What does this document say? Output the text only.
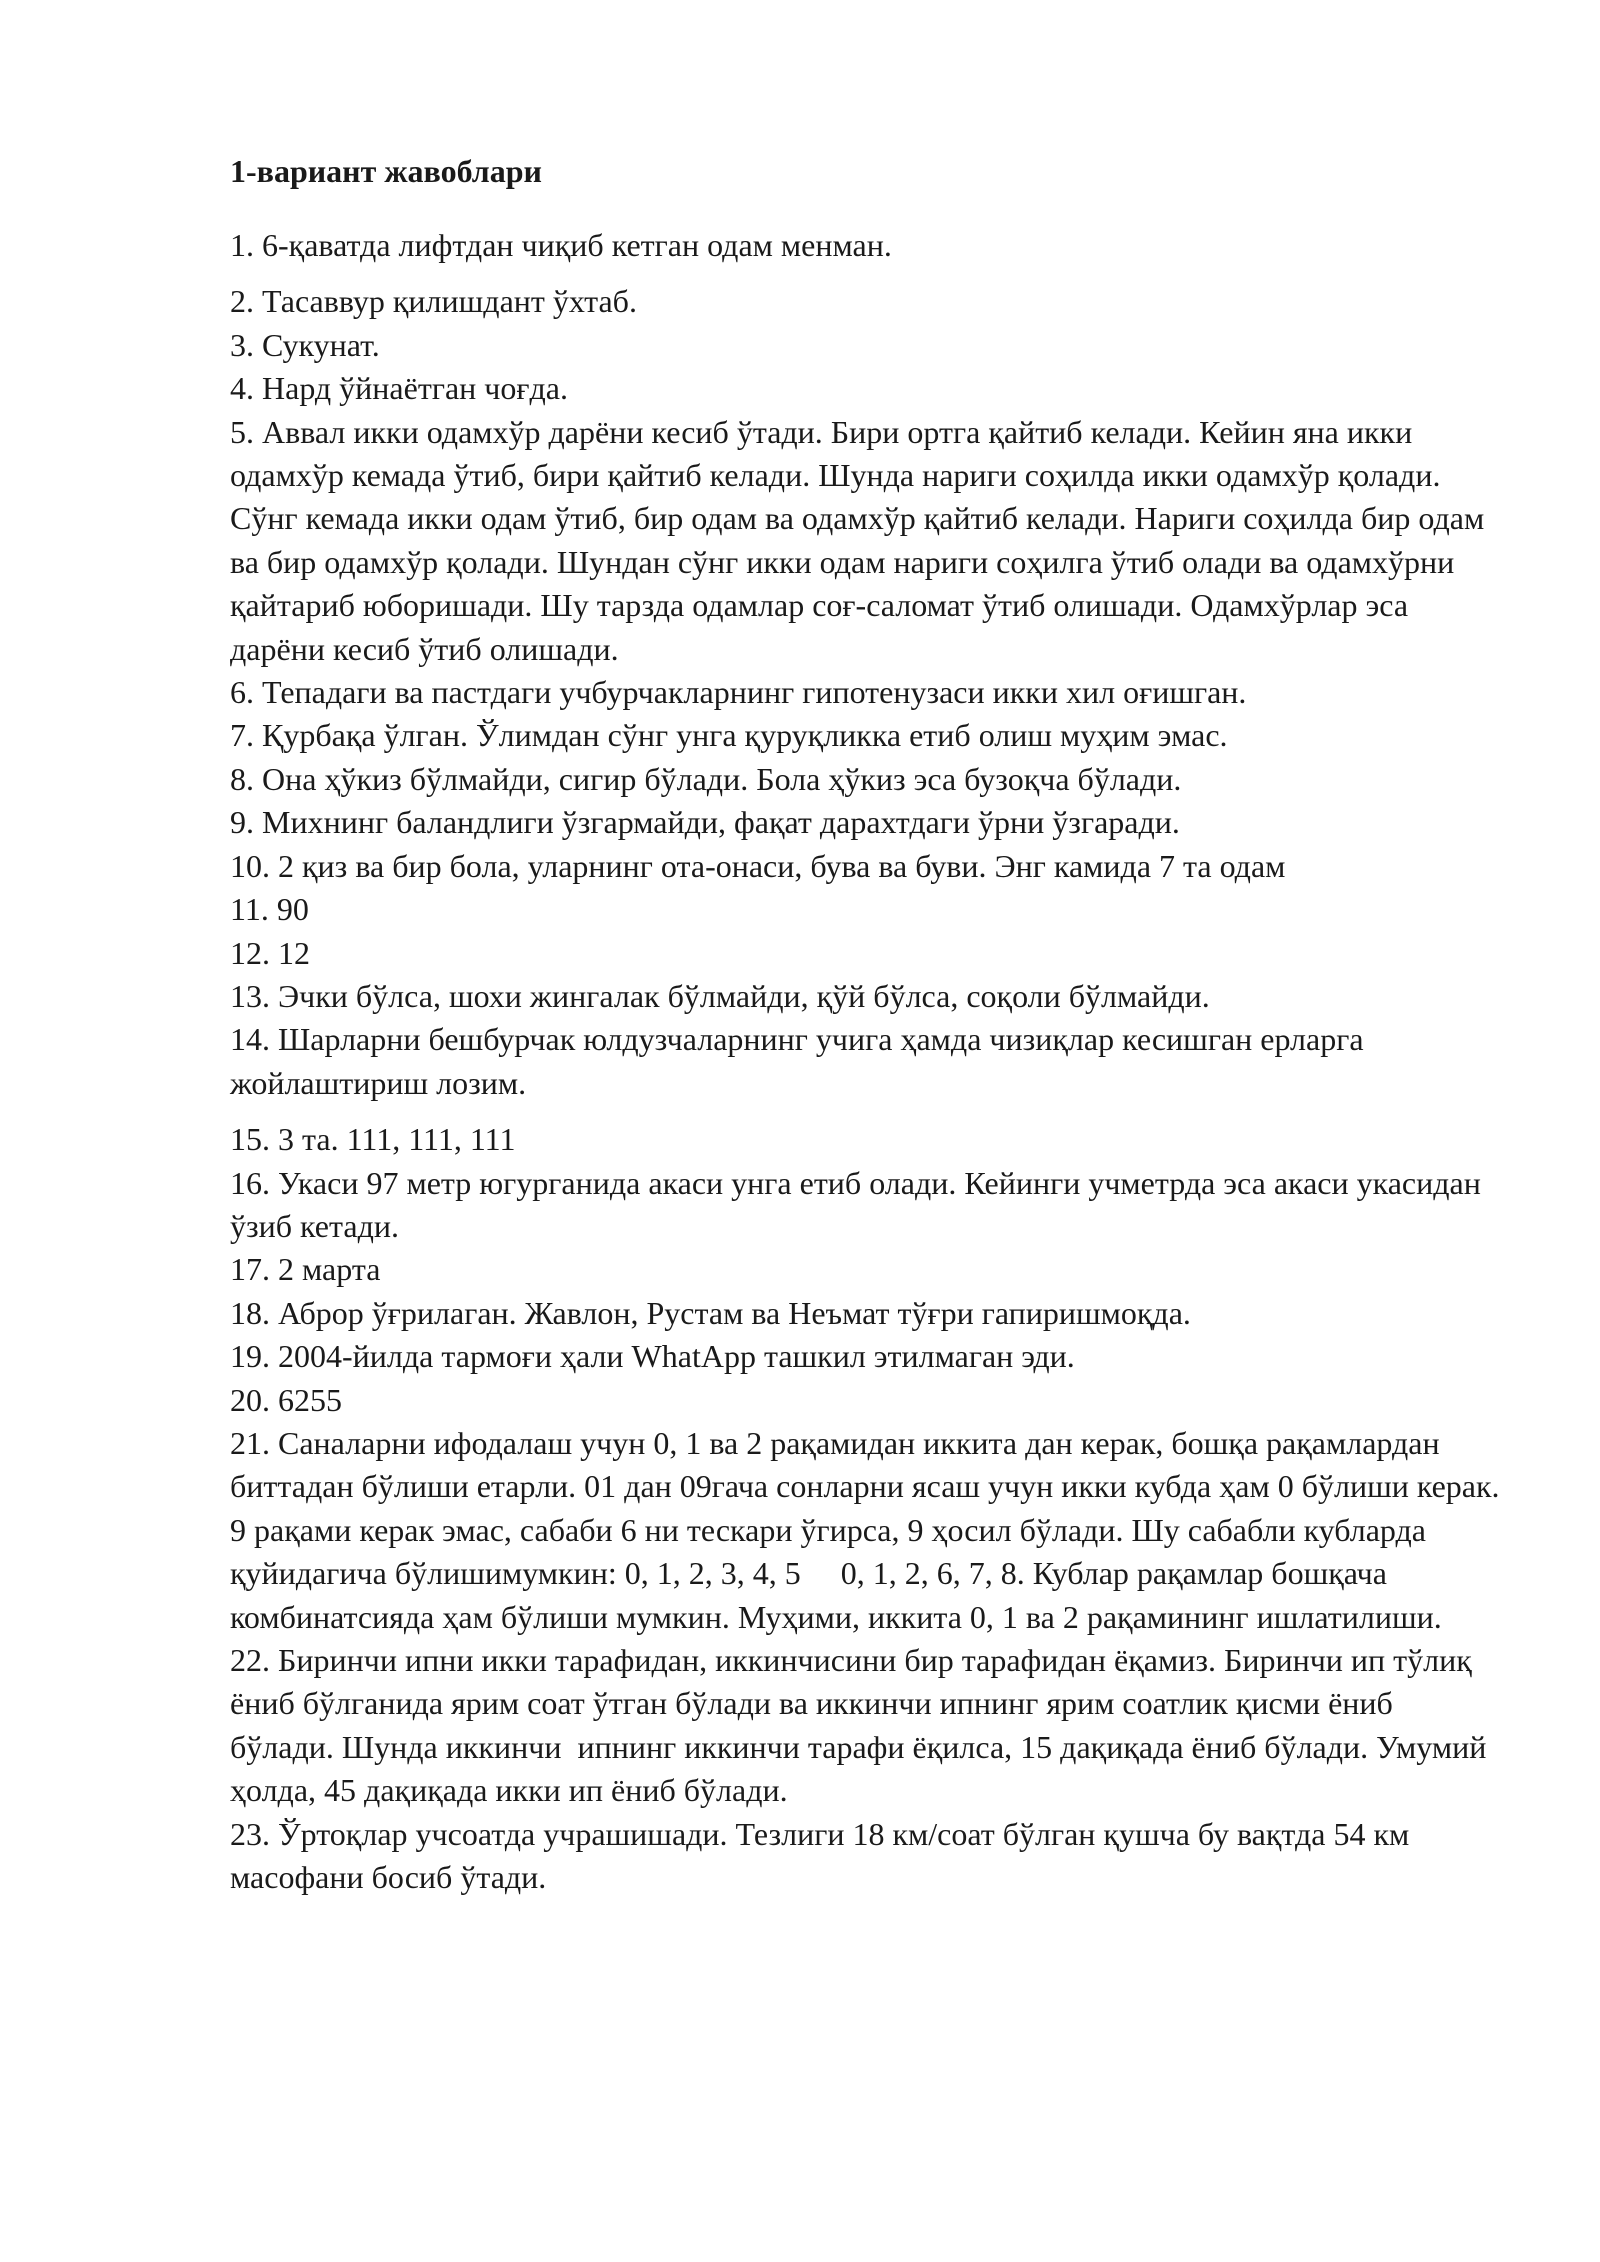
1-вариант жавоблари

1. 6-қаватда лифтдан чиқиб кетган одам менман.

2. Тасаввур қилишдант ўхтаб.

3. Сукунат.

4. Нард ўйнаётган чоғда.

5. Аввал икки одамхўр дарёни кесиб ўтади. Бири ортга қайтиб келади. Кейин яна икки одамхўр кемада ўтиб, бири қайтиб келади. Шунда нариги соҳилда икки одамхўр қолади. Сўнг кемада икки одам ўтиб, бир одам ва одамхўр қайтиб келади. Нариги соҳилда бир одам ва бир одамхўр қолади. Шундан сўнг икки одам нариги соҳилга ўтиб олади ва одамхўрни қайтариб юборишади. Шу тарзда одамлар соғ-саломат ўтиб олишади. Одамхўрлар эса дарёни кесиб ўтиб олишади.

6. Тепадаги ва пастдаги учбурчакларнинг гипотенузаси икки хил оғишган.

7. Қурбақа ўлган. Ўлимдан сўнг унга қуруқликка етиб олиш муҳим эмас.

8. Она ҳўкиз бўлмайди, сигир бўлади. Бола ҳўкиз эса бузоқча бўлади.

9. Михнинг баландлиги ўзгармайди, фақат дарахтдаги ўрни ўзгаради.

10. 2 қиз ва бир бола, уларнинг ота-онаси, бува ва буви. Энг камида 7 та одам

11. 90

12. 12

13. Эчки бўлса, шохи жингалак бўлмайди, қўй бўлса, соқоли бўлмайди.

14. Шарларни бешбурчак юлдузчаларнинг учига ҳамда чизиқлар кесишган ерларга жойлаштириш лозим.

15. 3 та. 111, 111, 111

16. Укаси 97 метр югурганида акаси унга етиб олади. Кейинги учметрда эса акаси укасидан ўзиб кетади.

17. 2 марта

18. Аброр ўғрилаган. Жавлон, Рустам ва Неъмат тўғри гапиришмоқда.

19. 2004-йилда тармоғи ҳали WhatApp ташкил этилмаган эди.

20. 6255

21. Саналарни ифодалаш учун 0, 1 ва 2 рақамидан иккита дан керак, бошқа рақамлардан биттадан бўлиши етарли. 01 дан 09гача сонларни ясаш учун икки кубда ҳам 0 бўлиши керак. 9 рақами керак эмас, сабаби 6 ни тескари ўгирса, 9 ҳосил бўлади. Шу сабабли кубларда қуйидагича бўлишимумкин: 0, 1, 2, 3, 4, 5     0, 1, 2, 6, 7, 8. Кублар рақамлар бошқача комбинатсияда ҳам бўлиши мумкин. Муҳими, иккита 0, 1 ва 2 рақамининг ишлатилиши.

22. Биринчи ипни икки тарафидан, иккинчисини бир тарафидан ёқамиз. Биринчи ип тўлиқ ёниб бўлганида ярим соат ўтган бўлади ва иккинчи ипнинг ярим соатлик қисми ёниб бўлади. Шунда иккинчи  ипнинг иккинчи тарафи ёқилса, 15 дақиқада ёниб бўлади. Умумий ҳолда, 45 дақиқада икки ип ёниб бўлади.

23. Ўртоқлар учсоатда учрашишади. Тезлиги 18 км/соат бўлган қушча бу вақтда 54 км масофани босиб ўтади.
